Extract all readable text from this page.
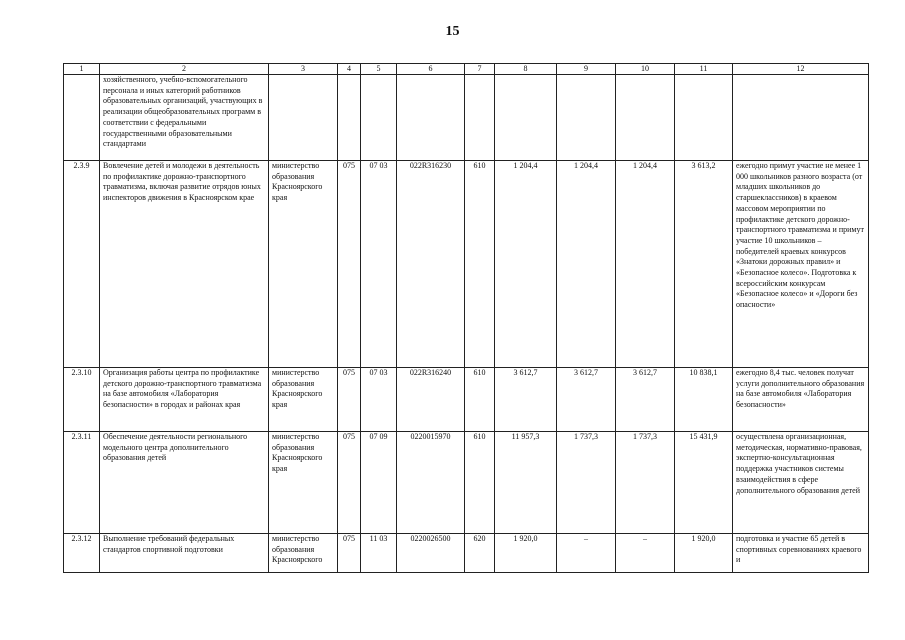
15
1	2	3	4	5	6	7	8	9	10	11	12
	хозяйственного, учебно-вспомогательного персонала и иных категорий работников образовательных организаций, участвующих в реализации общеобразовательных программ в соответствии с федеральными государственными образовательными стандартами										
2.3.9	Вовлечение детей и молодежи в деятельность по профилактике дорожно-транспортного травматизма, включая развитие отрядов юных инспекторов движения в Красноярском крае	министерство образования Красноярского края	075	07 03	022R316230	610	1 204,4	1 204,4	1 204,4	3 613,2	ежегодно примут участие не менее 1 000 школьников разного возраста (от младших школьников до старшеклассников) в краевом массовом мероприятии по профилактике детского дорожно-транспортного травматизма и примут участие 10 школьников – победителей краевых конкурсов «Знатоки дорожных правил» и «Безопасное колесо». Подготовка к всероссийским конкурсам «Безопасное колесо» и «Дороги без опасности»
2.3.10	Организация работы центра по профилактике детского дорожно-транспортного травматизма на базе автомобиля «Лаборатория безопасности» в городах и районах края	министерство образования Красноярского края	075	07 03	022R316240	610	3 612,7	3 612,7	3 612,7	10 838,1	ежегодно 8,4 тыс. человек получат услуги дополнительного образования на базе автомобиля «Лаборатория безопасности»
2.3.11	Обеспечение деятельности регионального модельного центра дополнительного образования детей	министерство образования Красноярского края	075	07 09	0220015970	610	11 957,3	1 737,3	1 737,3	15 431,9	осуществлена организационная, методическая, нормативно-правовая, экспертно-консультационная поддержка участников системы взаимодействия в сфере дополнительного образования детей
2.3.12	Выполнение требований федеральных стандартов спортивной подготовки	министерство образования Красноярского	075	11 03	0220026500	620	1 920,0	–	–	1 920,0	подготовка и участие 65 детей в спортивных соревнованиях краевого и
